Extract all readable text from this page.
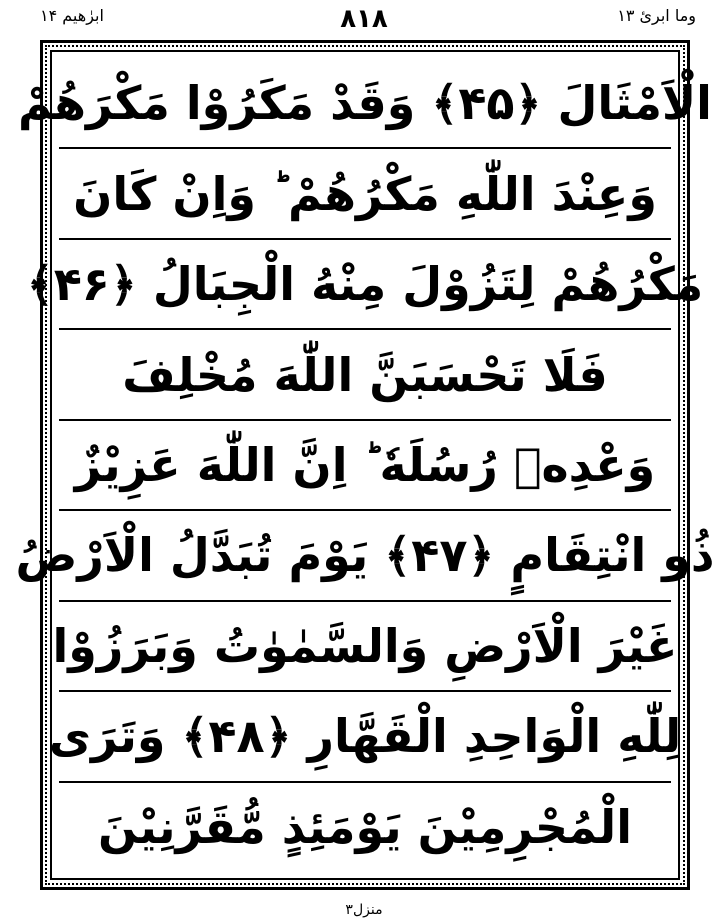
وما ابرئ ۱۳
۸۱۸
ابرٰھیم ۱۴
الْاَمْثَالَ ﴿۴۵﴾ وَقَدْ مَكَرُوْا مَكْرَهُمْ
وَعِنْدَ اللّٰهِ مَكْرُهُمْ ؕ وَاِنْ كَانَ
مَكْرُهُمْ لِتَزُوْلَ مِنْهُ الْجِبَالُ ﴿۴۶﴾
فَلَا تَحْسَبَنَّ اللّٰهَ مُخْلِفَ
وَعْدِهٖ رُسُلَهٗ ؕ اِنَّ اللّٰهَ عَزِيْزٌ
ذُو انْتِقَامٍ ﴿۴۷﴾ يَوْمَ تُبَدَّلُ الْاَرْضُ
غَيْرَ الْاَرْضِ وَالسَّمٰوٰتُ وَبَرَزُوْا
لِلّٰهِ الْوَاحِدِ الْقَهَّارِ ﴿۴۸﴾ وَتَرَى
الْمُجْرِمِيْنَ يَوْمَئِذٍ مُّقَرَّنِيْنَ
منزل۳
